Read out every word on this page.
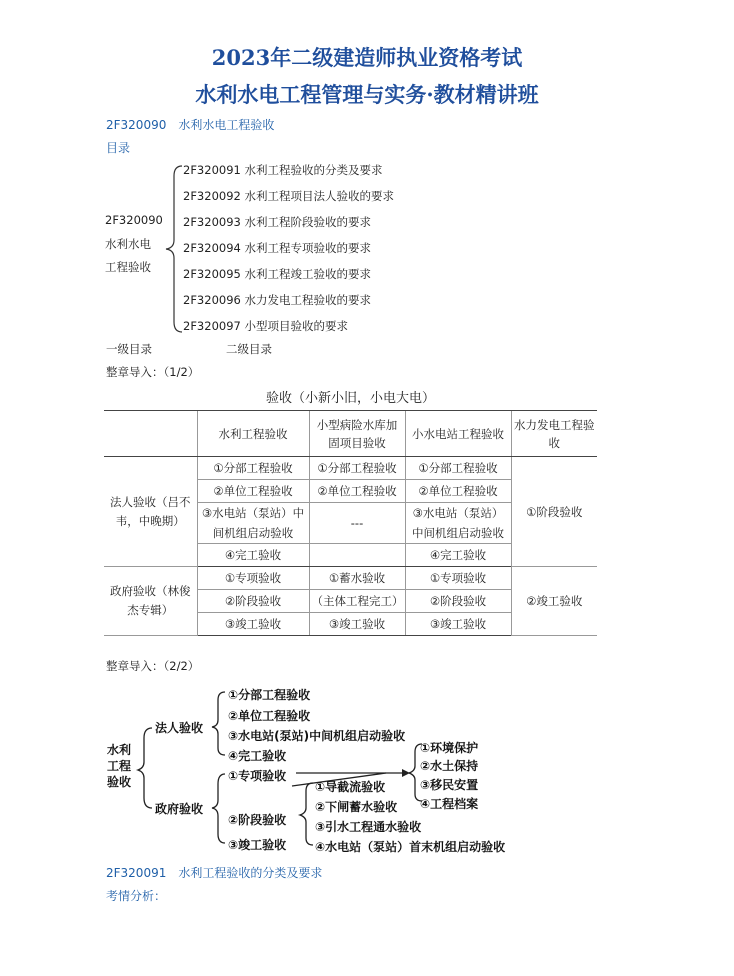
2023年二级建造师执业资格考试
水利水电工程管理与实务·教材精讲班
2F320090　水利水电工程验收
目录
2F320090
水利水电
工程验收
2F320091 水利工程验收的分类及要求
2F320092 水利工程项目法人验收的要求
2F320093 水利工程阶段验收的要求
2F320094 水利工程专项验收的要求
2F320095 水利工程竣工验收的要求
2F320096 水力发电工程验收的要求
2F320097 小型项目验收的要求
一级目录	二级目录
整章导入：（1/2）
验收（小新小旧，小电大电）				
	水利工程验收	小型病险水库加固项目验收	小水电站工程验收	水力发电工程验收
法人验收（吕不韦，中晚期）	①分部工程验收	①分部工程验收	①分部工程验收	①阶段验收
	②单位工程验收	②单位工程验收	②单位工程验收	
	③水电站（泵站）中间机组启动验收	---	③水电站（泵站）中间机组启动验收	
	④完工验收		④完工验收	
政府验收（林俊杰专辑）	①专项验收	①蓄水验收	①专项验收	②竣工验收
	②阶段验收	（主体工程完工）	②阶段验收	
	③竣工验收	③竣工验收	③竣工验收	
整章导入：（2/2）
水利
工程
验收
法人验收
①分部工程验收
②单位工程验收
③水电站(泵站)中间机组启动验收
④完工验收
政府验收
①专项验收
②阶段验收
③竣工验收
①环境保护
②水土保持
③移民安置
④工程档案
①导截流验收
②下闸蓄水验收
③引水工程通水验收
④水电站（泵站）首末机组启动验收
2F320091　水利工程验收的分类及要求
考情分析：
